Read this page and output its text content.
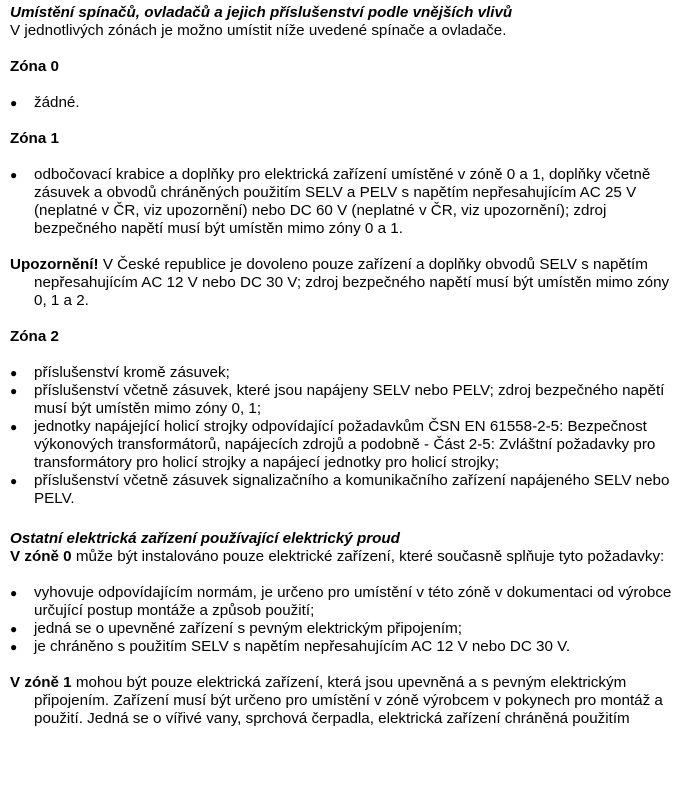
Umístění spínačů, ovladačů a jejich příslušenství podle vnějších vlivů

V jednotlivých zónách je možno umístit níže uvedené spínače a ovladače.

Zóna 0

● žádné.

Zóna 1

● odbočovací krabice a doplňky pro elektrická zařízení umístěné v zóně 0 a 1, doplňky včetně zásuvek a obvodů chráněných použitím SELV a PELV s napětím nepřesahujícím AC 25 V (neplatné v ČR, viz upozornění) nebo DC 60 V (neplatné v ČR, viz upozornění); zdroj bezpečného napětí musí být umístěn mimo zóny 0 a 1.

Upozornění! V České republice je dovoleno pouze zařízení a doplňky obvodů SELV s napětím nepřesahujícím AC 12 V nebo DC 30 V; zdroj bezpečného napětí musí být umístěn mimo zóny 0, 1 a 2.

Zóna 2

● příslušenství kromě zásuvek;
● příslušenství včetně zásuvek, které jsou napájeny SELV nebo PELV; zdroj bezpečného napětí musí být umístěn mimo zóny 0, 1;
● jednotky napájející holicí strojky odpovídající požadavkům ČSN EN 61558-2-5: Bezpečnost výkonových transformátorů, napájecích zdrojů a podobně - Část 2-5: Zvláštní požadavky pro transformátory pro holicí strojky a napájecí jednotky pro holicí strojky;
● příslušenství včetně zásuvek signalizačního a komunikačního zařízení napájeného SELV nebo PELV.

Ostatní elektrická zařízení používající elektrický proud

V zóně 0 může být instalováno pouze elektrické zařízení, které současně splňuje tyto požadavky:

● vyhovuje odpovídajícím normám, je určeno pro umístění v této zóně v dokumentaci od výrobce určující postup montáže a způsob použití;
● jedná se o upevněné zařízení s pevným elektrickým připojením;
● je chráněno s použitím SELV s napětím nepřesahujícím AC 12 V nebo DC 30 V.

V zóně 1 mohou být pouze elektrická zařízení, která jsou upevněná a s pevným elektrickým připojením. Zařízení musí být určeno pro umístění v zóně výrobcem v pokynech pro montáž a použití. Jedná se o vířivé vany, sprchová čerpadla, elektrická zařízení chráněná použitím
